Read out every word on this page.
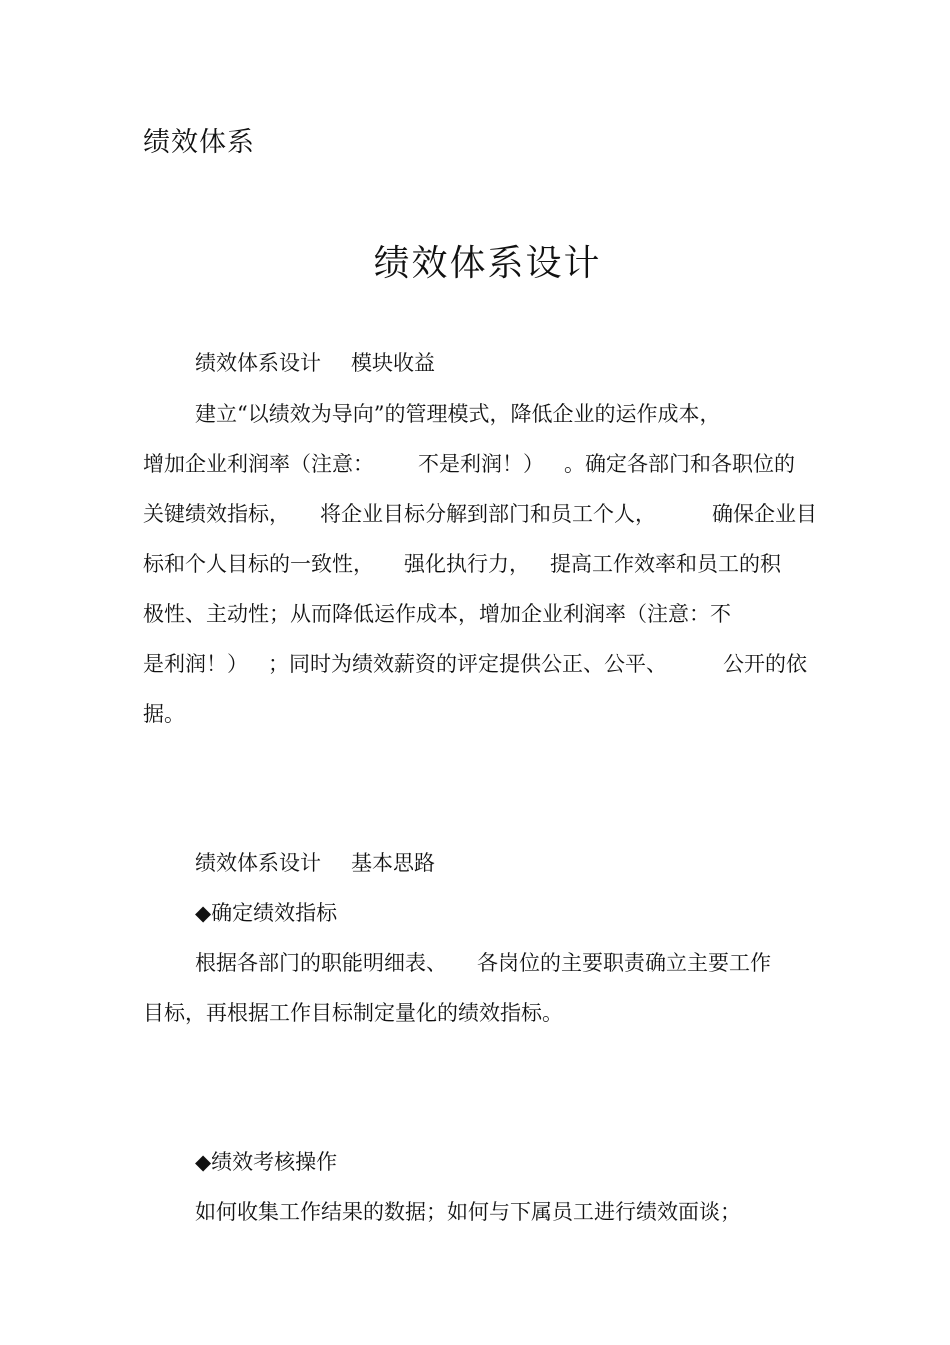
绩效体系
绩效体系设计
绩效体系设计 模块收益
建立“以绩效为导向”的管理模式，降低企业的运作成本，
增加企业利润率（注意： 不是利润！） 。确定各部门和各职位的
关键绩效指标， 将企业目标分解到部门和员工个人，	确保企业目
标和个人目标的一致性， 强化执行力， 提高工作效率和员工的积
极性、主动性；从而降低运作成本，增加企业利润率（注意：不
是利润！） ；同时为绩效薪资的评定提供公正、公平、	公开的依
据。
绩效体系设计 基本思路
◆确定绩效指标
根据各部门的职能明细表、 各岗位的主要职责确立主要工作
目标，再根据工作目标制定量化的绩效指标。
◆绩效考核操作
如何收集工作结果的数据；如何与下属员工进行绩效面谈；
